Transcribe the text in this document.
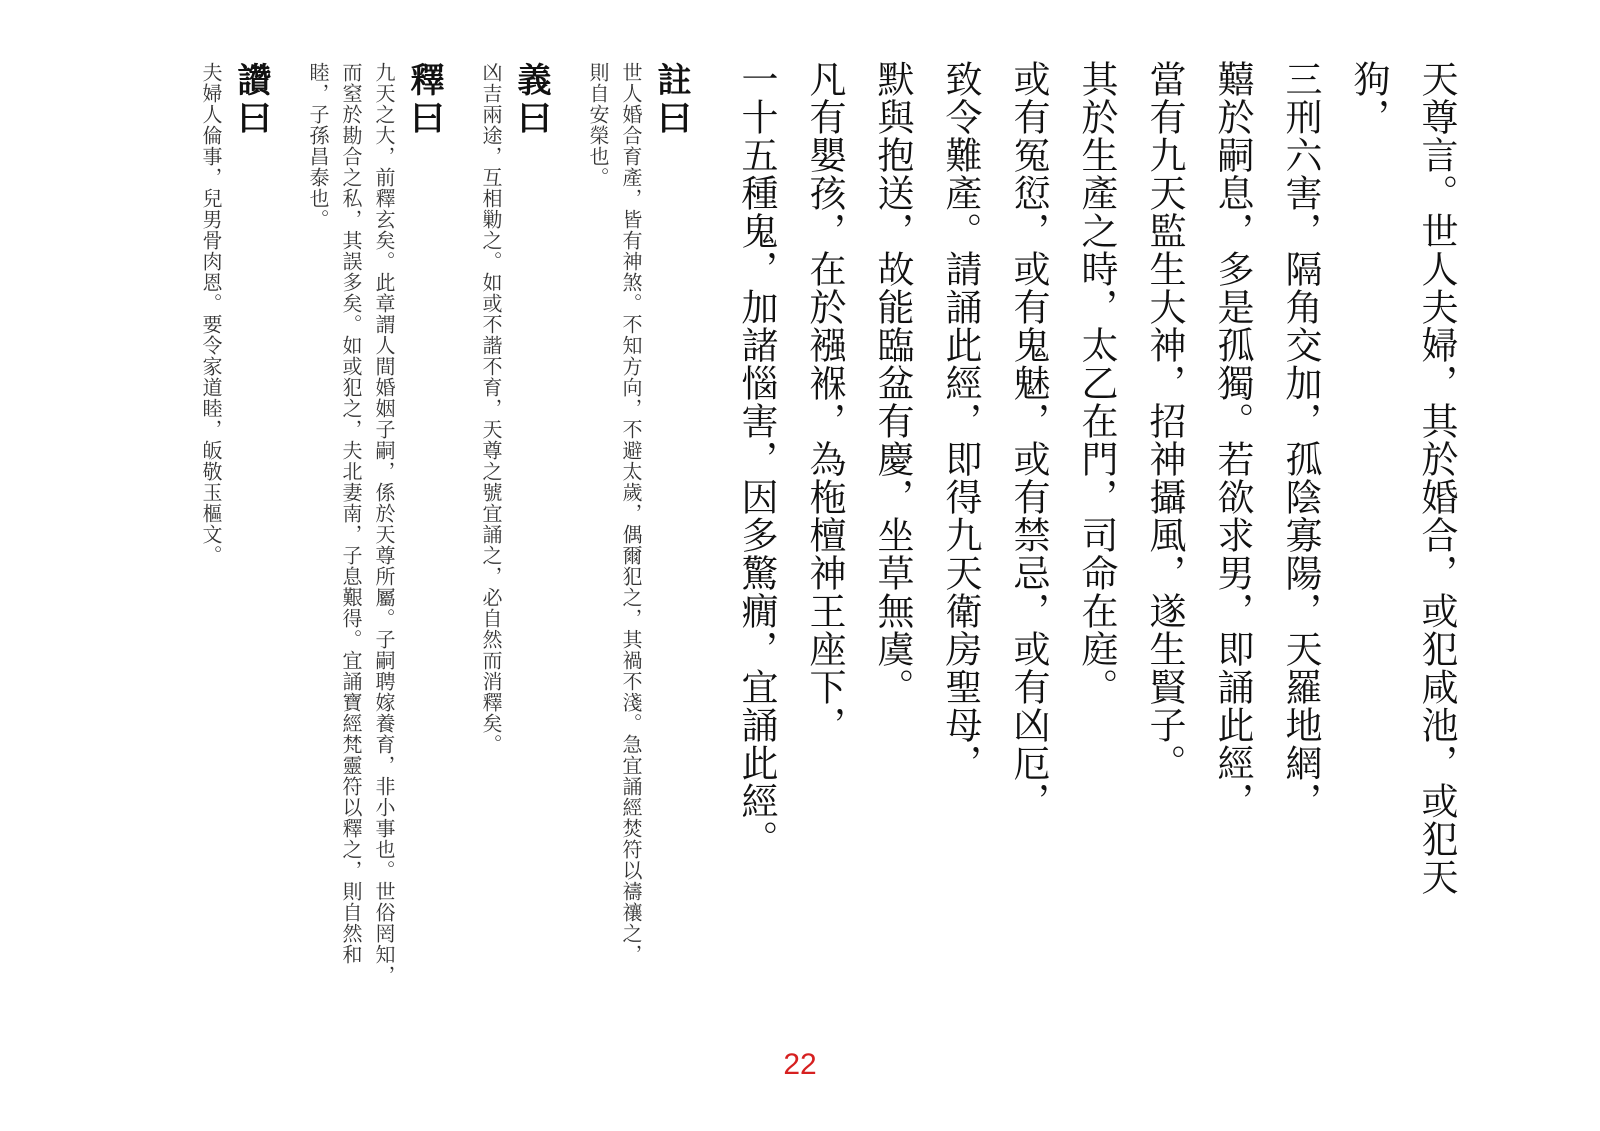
天尊言。世人夫婦，其於婚合，或犯咸池，或犯天狗，

三刑六害，隔角交加，孤陰寡陽，天羅地網，

囏於嗣息，多是孤獨。若欲求男，即誦此經，

當有九天監生大神，招神攝風，遂生賢子。

其於生產之時，太乙在門，司命在庭。

或有冤愆，或有鬼魅，或有禁忌，或有凶厄，

致令難產。請誦此經，即得九天衛房聖母，

默與抱送，故能臨盆有慶，坐草無虞。

凡有嬰孩，在於襁褓，為柂檀神王座下，

一十五種鬼，加諸惱害，因多驚癇，宜誦此經。

註曰

世人婚合育產，皆有神煞。不知方向，不避太歲，偶爾犯之，其禍不淺。急宜誦經焚符以禱禳之，

則自安榮也。

義曰

凶吉兩途，互相勦之。如或不諧不育，天尊之號宜誦之，必自然而消釋矣。

釋曰

九天之大，前釋玄矣。此章謂人間婚姻子嗣，係於天尊所屬。子嗣聘嫁養育，非小事也。世俗罔知，

而窒於勘合之私，其誤多矣。如或犯之，夫北妻南，子息艱得。宜誦寶經梵靈符以釋之，則自然和

睦，子孫昌泰也。

讚曰

夫婦人倫事，兒男骨肉恩。要令家道睦，皈敬玉樞文。

22
